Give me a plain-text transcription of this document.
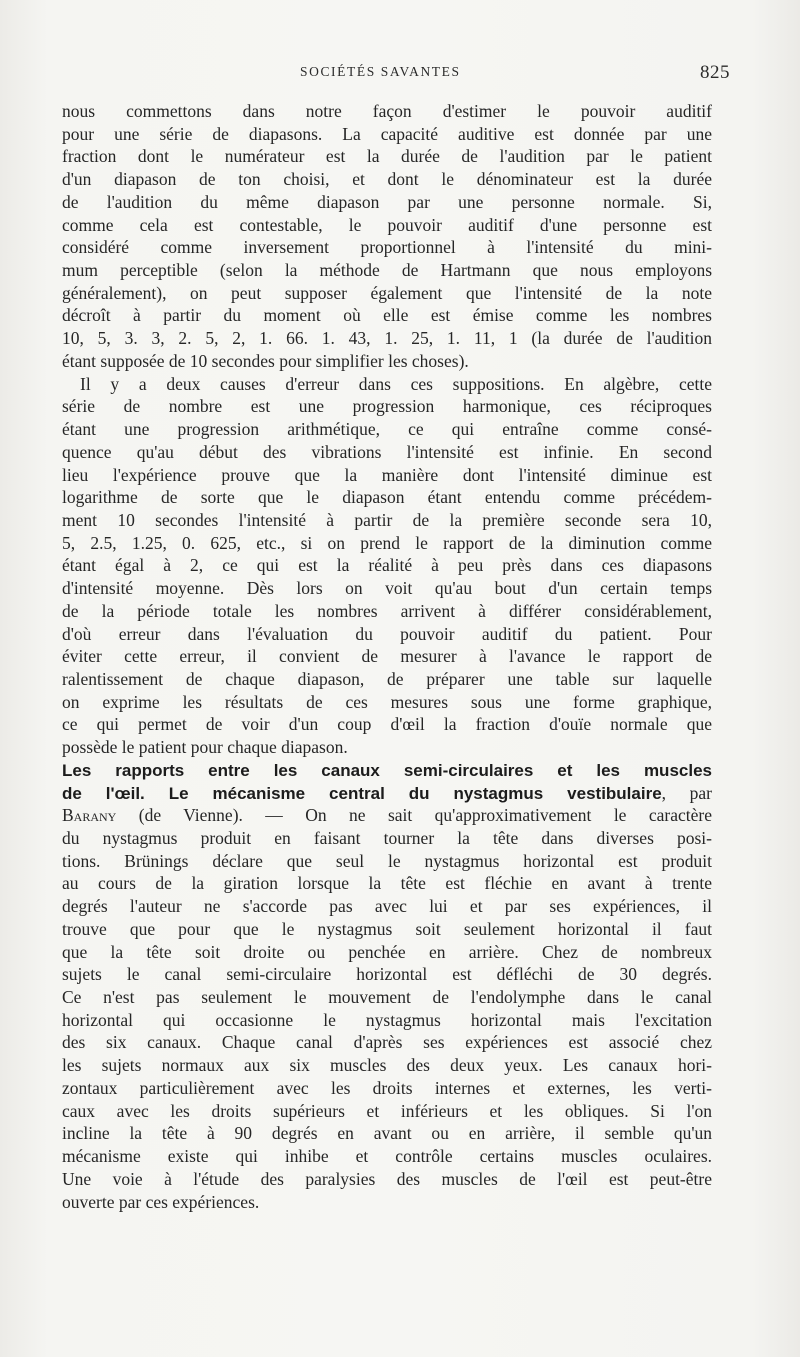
SOCIÉTÉS SAVANTES	825
nous commettons dans notre façon d'estimer le pouvoir auditif
pour une série de diapasons. La capacité auditive est donnée par une
fraction dont le numérateur est la durée de l'audition par le patient
d'un diapason de ton choisi, et dont le dénominateur est la durée
de l'audition du même diapason par une personne normale. Si,
comme cela est contestable, le pouvoir auditif d'une personne est
considéré comme inversement proportionnel à l'intensité du mini-
mum perceptible (selon la méthode de Hartmann que nous employons
généralement), on peut supposer également que l'intensité de la note
décroît à partir du moment où elle est émise comme les nombres
10, 5, 3. 3, 2. 5, 2, 1. 66. 1. 43, 1. 25, 1. 11, 1 (la durée de l'audition
étant supposée de 10 secondes pour simplifier les choses).
Il y a deux causes d'erreur dans ces suppositions. En algèbre, cette
série de nombre est une progression harmonique, ces réciproques
étant une progression arithmétique, ce qui entraîne comme consé-
quence qu'au début des vibrations l'intensité est infinie. En second
lieu l'expérience prouve que la manière dont l'intensité diminue est
logarithme de sorte que le diapason étant entendu comme précédem-
ment 10 secondes l'intensité à partir de la première seconde sera 10,
5, 2.5, 1.25, 0. 625, etc., si on prend le rapport de la diminution comme
étant égal à 2, ce qui est la réalité à peu près dans ces diapasons
d'intensité moyenne. Dès lors on voit qu'au bout d'un certain temps
de la période totale les nombres arrivent à différer considérablement,
d'où erreur dans l'évaluation du pouvoir auditif du patient. Pour
éviter cette erreur, il convient de mesurer à l'avance le rapport de
ralentissement de chaque diapason, de préparer une table sur laquelle
on exprime les résultats de ces mesures sous une forme graphique,
ce qui permet de voir d'un coup d'œil la fraction d'ouïe normale que
possède le patient pour chaque diapason.
Les rapports entre les canaux semi-circulaires et les muscles
de l'œil. Le mécanisme central du nystagmus vestibulaire, par
Barany (de Vienne). — On ne sait qu'approximativement le caractère
du nystagmus produit en faisant tourner la tête dans diverses posi-
tions. Brünings déclare que seul le nystagmus horizontal est produit
au cours de la giration lorsque la tête est fléchie en avant à trente
degrés l'auteur ne s'accorde pas avec lui et par ses expériences, il
trouve que pour que le nystagmus soit seulement horizontal il faut
que la tête soit droite ou penchée en arrière. Chez de nombreux
sujets le canal semi-circulaire horizontal est défléchi de 30 degrés.
Ce n'est pas seulement le mouvement de l'endolymphe dans le canal
horizontal qui occasionne le nystagmus horizontal mais l'excitation
des six canaux. Chaque canal d'après ses expériences est associé chez
les sujets normaux aux six muscles des deux yeux. Les canaux hori-
zontaux particulièrement avec les droits internes et externes, les verti-
caux avec les droits supérieurs et inférieurs et les obliques. Si l'on
incline la tête à 90 degrés en avant ou en arrière, il semble qu'un
mécanisme existe qui inhibe et contrôle certains muscles oculaires.
Une voie à l'étude des paralysies des muscles de l'œil est peut-être
ouverte par ces expériences.
